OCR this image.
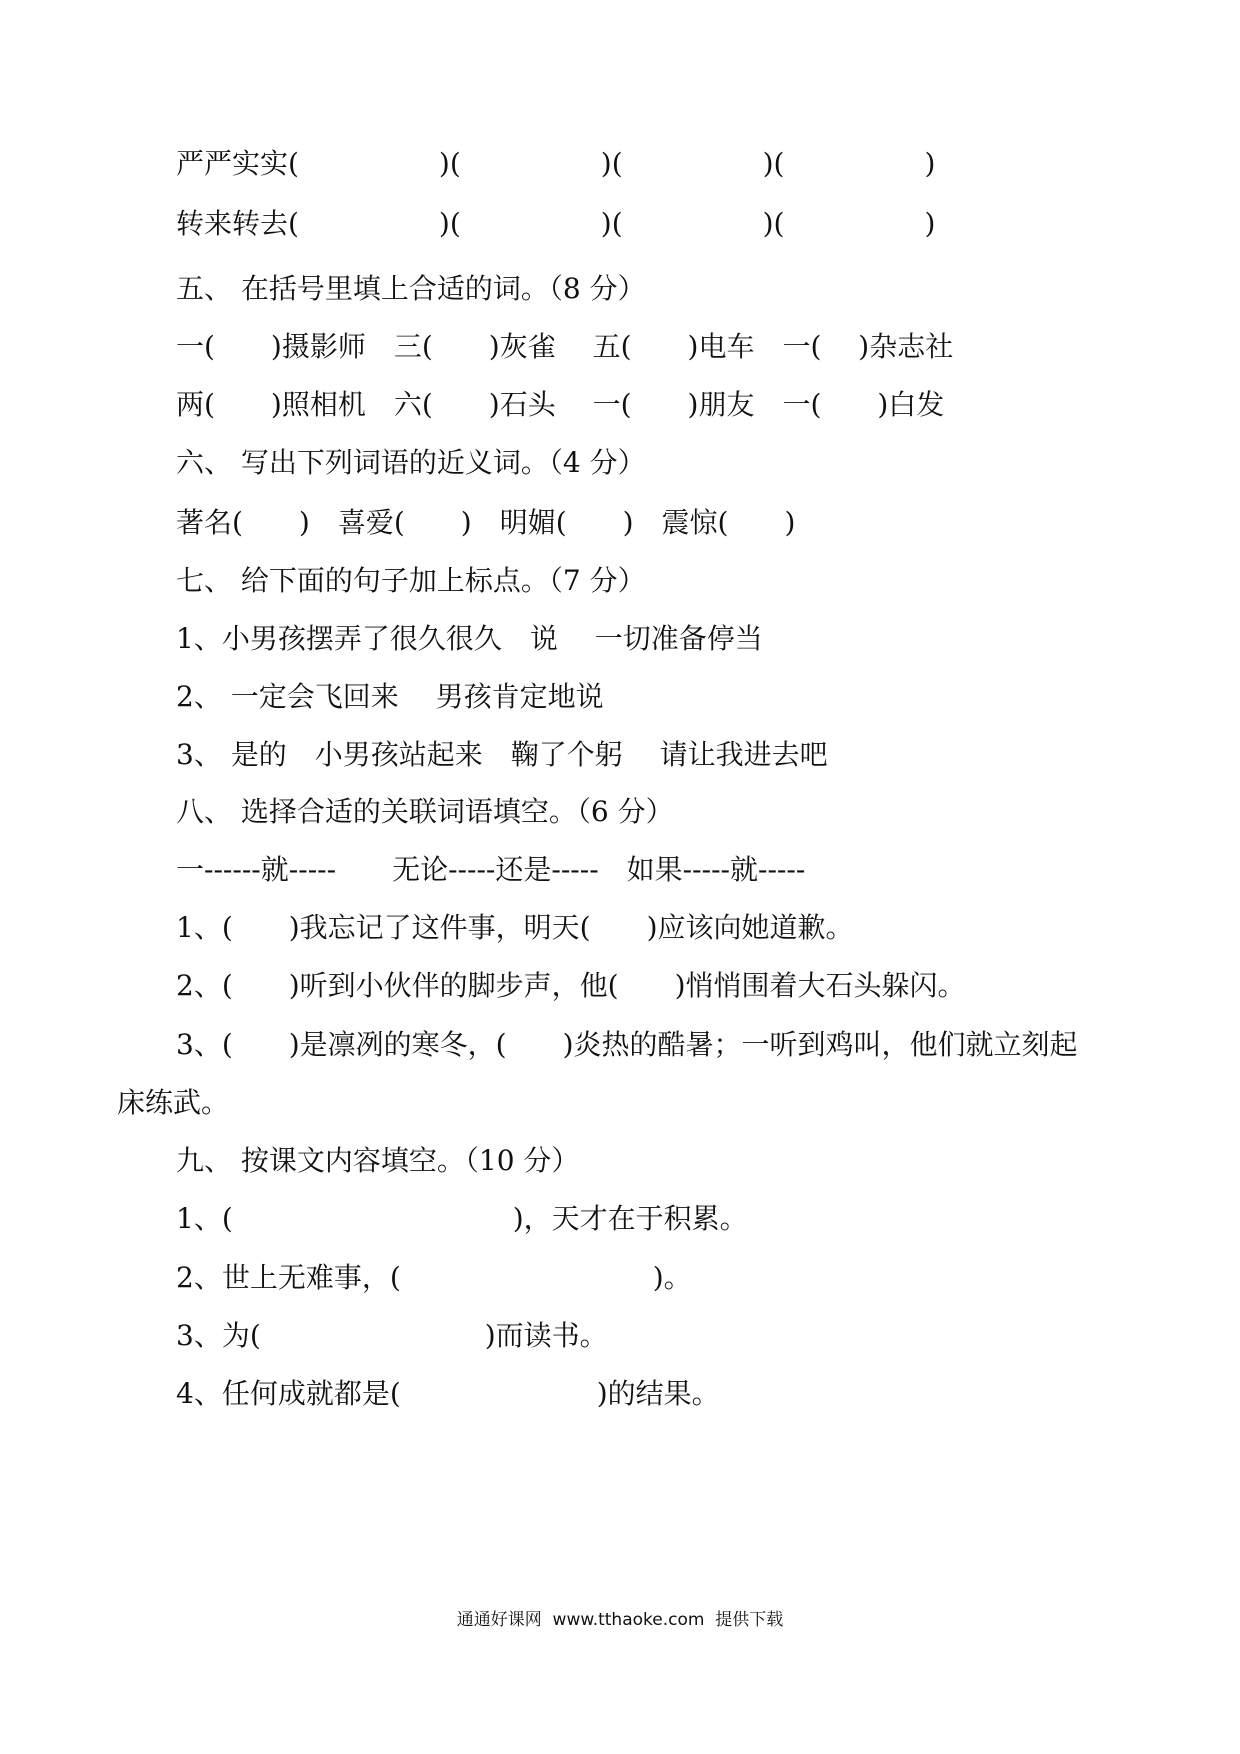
严严实实(　　　　　)(　　　　　)(　　　　　)(　　　　　)
转来转去(　　　　　)(　　　　　)(　　　　　)(　　　　　)
五、 在括号里填上合适的词。（8 分）
一(　　)摄影师　三(　　)灰雀　 五(　　)电车　一(　 )杂志社
两(　　)照相机　六(　　)石头　 一(　　)朋友　一(　　)白发
六、 写出下列词语的近义词。（4 分）
著名(　　)　喜爱(　　)　明媚(　　)　震惊(　　)
七、 给下面的句子加上标点。（7 分）
1、小男孩摆弄了很久很久　说　 一切准备停当
2、 一定会飞回来　 男孩肯定地说
3、 是的　小男孩站起来　鞠了个躬　 请让我进去吧
八、 选择合适的关联词语填空。（6 分）
一------就-----　　无论-----还是-----　如果-----就-----
1、(　　)我忘记了这件事，明天(　　)应该向她道歉。
2、(　　)听到小伙伴的脚步声，他(　　)悄悄围着大石头躲闪。
3、(　　)是凛冽的寒冬，(　　)炎热的酷暑；一听到鸡叫，他们就立刻起
床练武。
九、 按课文内容填空。（10 分）
1、(　　　　　　　　　　)，天才在于积累。
2、世上无难事，(　　　　　　　　　)。
3、为(　　　　　　　　)而读书。
4、任何成就都是(　　　　　　　)的结果。
通通好课网  www.tthaoke.com  提供下载
